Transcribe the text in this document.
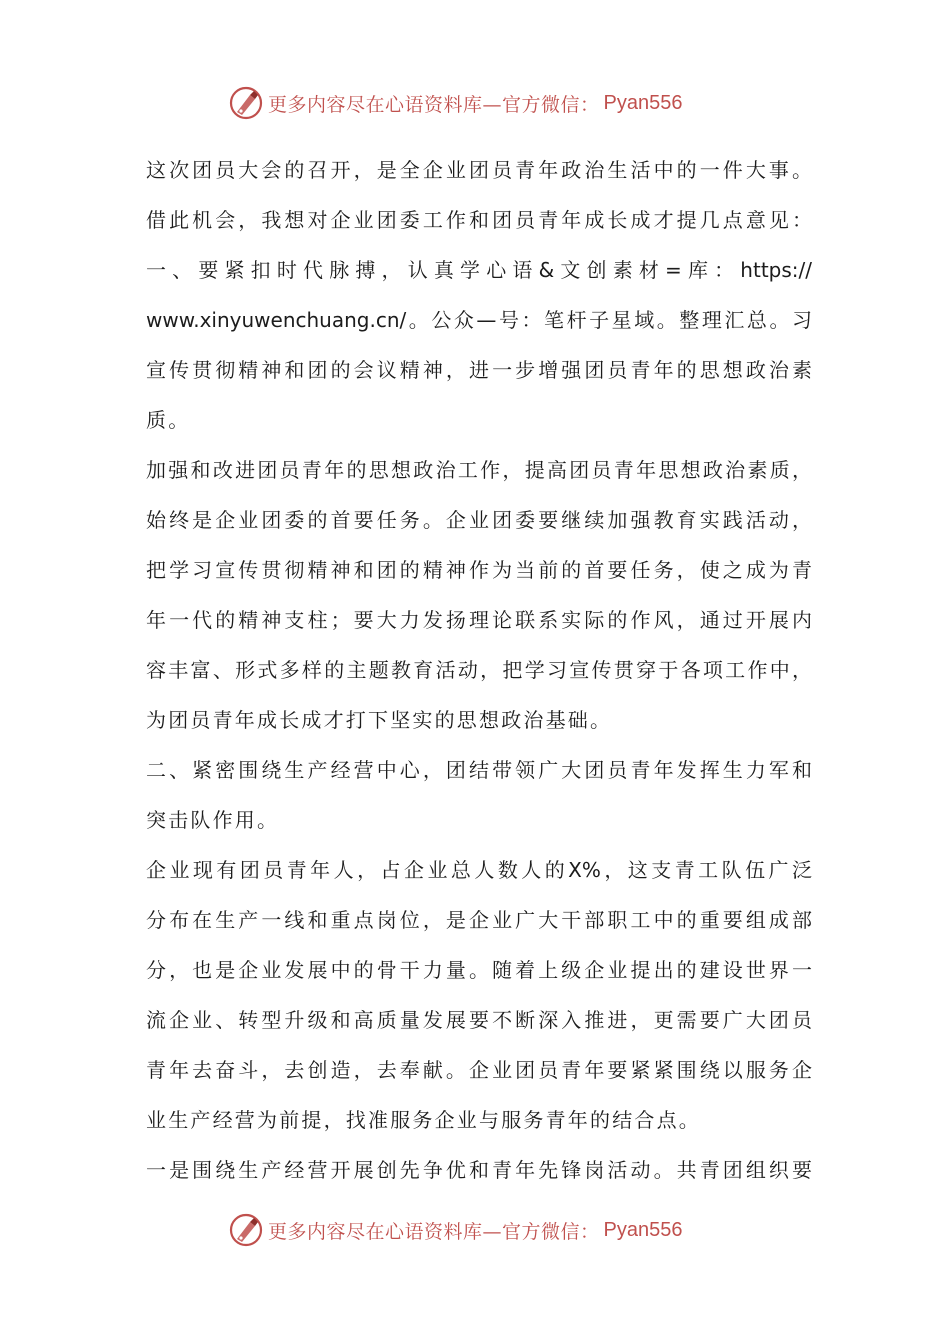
更多内容尽在心语资料库—官方微信： Pyan556
这次团员大会的召开，是全企业团员青年政治生活中的一件大事。
借此机会，我想对企业团委工作和团员青年成长成才提几点意见：
一、要紧扣时代脉搏，认真学心语&文创素材=库：https://
www.xinyuwenchuang.cn/。公众—号：笔杆子星域。整理汇总。习
宣传贯彻精神和团的会议精神，进一步增强团员青年的思想政治素
质。
加强和改进团员青年的思想政治工作，提高团员青年思想政治素质，
始终是企业团委的首要任务。企业团委要继续加强教育实践活动，
把学习宣传贯彻精神和团的精神作为当前的首要任务，使之成为青
年一代的精神支柱；要大力发扬理论联系实际的作风，通过开展内
容丰富、形式多样的主题教育活动，把学习宣传贯穿于各项工作中，
为团员青年成长成才打下坚实的思想政治基础。
二、紧密围绕生产经营中心，团结带领广大团员青年发挥生力军和
突击队作用。
企业现有团员青年人，占企业总人数人的X%，这支青工队伍广泛
分布在生产一线和重点岗位，是企业广大干部职工中的重要组成部
分，也是企业发展中的骨干力量。随着上级企业提出的建设世界一
流企业、转型升级和高质量发展要不断深入推进，更需要广大团员
青年去奋斗，去创造，去奉献。企业团员青年要紧紧围绕以服务企
业生产经营为前提，找准服务企业与服务青年的结合点。
一是围绕生产经营开展创先争优和青年先锋岗活动。共青团组织要
更多内容尽在心语资料库—官方微信： Pyan556
